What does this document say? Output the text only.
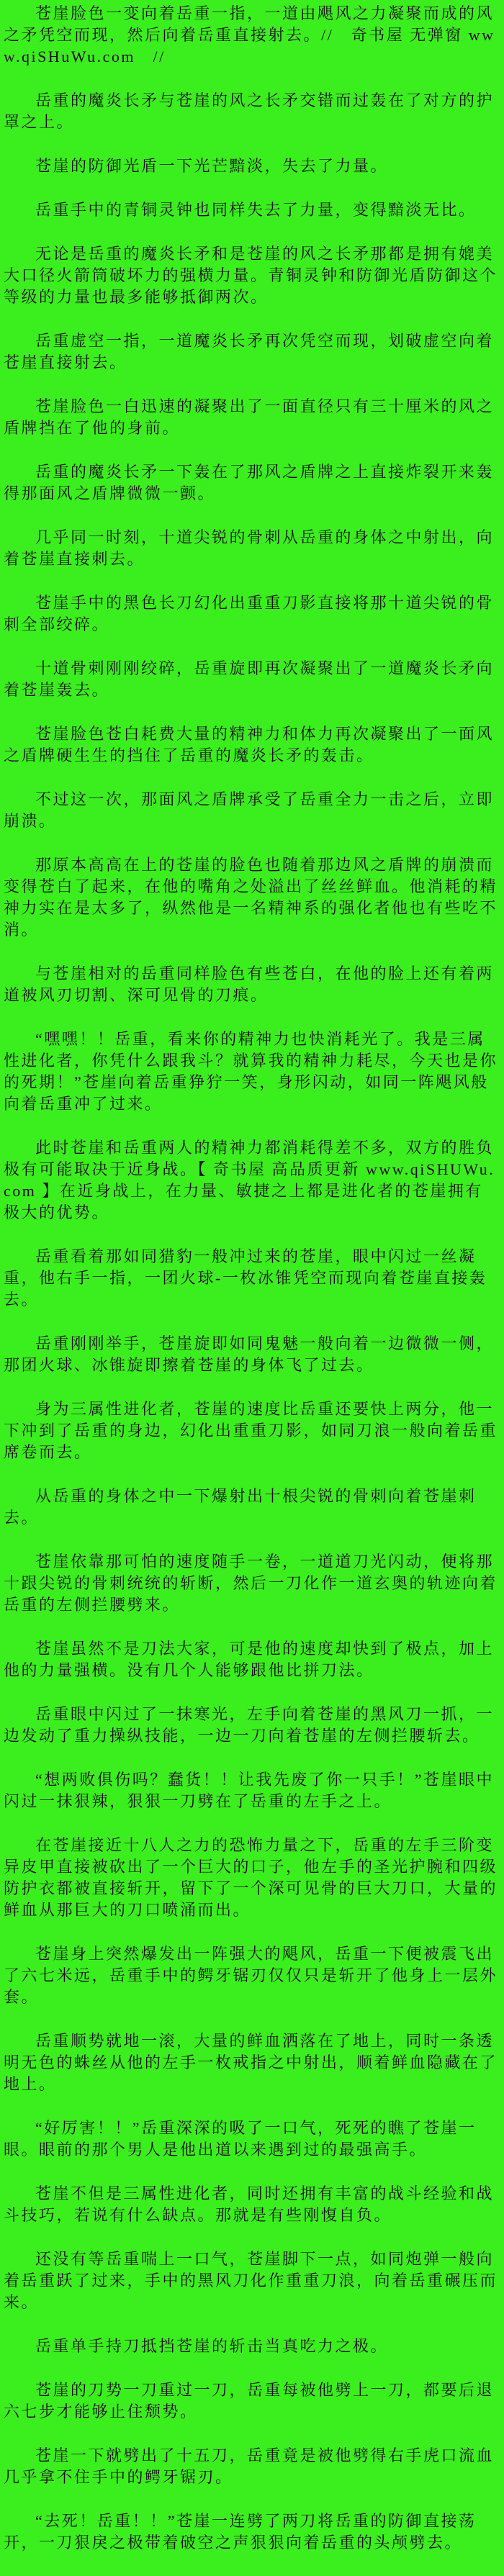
苍崖脸色一变向着岳重一指，一道由飓风之力凝聚而成的风之矛凭空而现，然后向着岳重直接射去。//　奇书屋 无弹窗 www.qiSHuWu.com　//

岳重的魔炎长矛与苍崖的风之长矛交错而过轰在了对方的护罩之上。

苍崖的防御光盾一下光芒黯淡，失去了力量。

岳重手中的青铜灵钟也同样失去了力量，变得黯淡无比。

无论是岳重的魔炎长矛和是苍崖的风之长矛那都是拥有媲美大口径火箭筒破坏力的强横力量。青铜灵钟和防御光盾防御这个等级的力量也最多能够抵御两次。

岳重虚空一指，一道魔炎长矛再次凭空而现，划破虚空向着苍崖直接射去。

苍崖脸色一白迅速的凝聚出了一面直径只有三十厘米的风之盾牌挡在了他的身前。

岳重的魔炎长矛一下轰在了那风之盾牌之上直接炸裂开来轰得那面风之盾牌微微一颤。

几乎同一时刻，十道尖锐的骨刺从岳重的身体之中射出，向着苍崖直接刺去。

苍崖手中的黑色长刀幻化出重重刀影直接将那十道尖锐的骨刺全部绞碎。

十道骨刺刚刚绞碎，岳重旋即再次凝聚出了一道魔炎长矛向着苍崖轰去。

苍崖脸色苍白耗费大量的精神力和体力再次凝聚出了一面风之盾牌硬生生的挡住了岳重的魔炎长矛的轰击。

不过这一次，那面风之盾牌承受了岳重全力一击之后，立即崩溃。

那原本高高在上的苍崖的脸色也随着那边风之盾牌的崩溃而变得苍白了起来，在他的嘴角之处溢出了丝丝鲜血。他消耗的精神力实在是太多了，纵然他是一名精神系的强化者他也有些吃不消。

与苍崖相对的岳重同样脸色有些苍白，在他的脸上还有着两道被风刃切割、深可见骨的刀痕。

“嘿嘿！！岳重，看来你的精神力也快消耗光了。我是三属性进化者，你凭什么跟我斗？就算我的精神力耗尽，今天也是你的死期！”苍崖向着岳重狰狞一笑，身形闪动，如同一阵飓风般向着岳重冲了过来。

此时苍崖和岳重两人的精神力都消耗得差不多，双方的胜负极有可能取决于近身战。【 奇书屋 高品质更新 www.qiSHUWu.com 】在近身战上，在力量、敏捷之上都是进化者的苍崖拥有极大的优势。

岳重看着那如同猎豹一般冲过来的苍崖，眼中闪过一丝凝重，他右手一指，一团火球-一枚冰锥凭空而现向着苍崖直接轰去。

岳重刚刚举手，苍崖旋即如同鬼魅一般向着一边微微一侧，那团火球、冰锥旋即擦着苍崖的身体飞了过去。

身为三属性进化者，苍崖的速度比岳重还要快上两分，他一下冲到了岳重的身边，幻化出重重刀影，如同刀浪一般向着岳重席卷而去。

从岳重的身体之中一下爆射出十根尖锐的骨刺向着苍崖刺去。

苍崖依靠那可怕的速度随手一卷，一道道刀光闪动，便将那十跟尖锐的骨刺统统的斩断，然后一刀化作一道玄奥的轨迹向着岳重的左侧拦腰劈来。

苍崖虽然不是刀法大家，可是他的速度却快到了极点，加上他的力量强横。没有几个人能够跟他比拼刀法。

岳重眼中闪过了一抹寒光，左手向着苍崖的黑风刀一抓，一边发动了重力操纵技能，一边一刀向着苍崖的左侧拦腰斩去。

“想两败俱伤吗？蠢货！！让我先废了你一只手！”苍崖眼中闪过一抹狠辣，狠狠一刀劈在了岳重的左手之上。

在苍崖接近十八人之力的恐怖力量之下，岳重的左手三阶变异皮甲直接被砍出了一个巨大的口子，他左手的圣光护腕和四级防护衣都被直接斩开，留下了一个深可见骨的巨大刀口，大量的鲜血从那巨大的刀口喷涌而出。

苍崖身上突然爆发出一阵强大的飓风，岳重一下便被震飞出了六七米远，岳重手中的鳄牙锯刃仅仅只是斩开了他身上一层外套。

岳重顺势就地一滚，大量的鲜血洒落在了地上，同时一条透明无色的蛛丝从他的左手一枚戒指之中射出，顺着鲜血隐藏在了地上。

“好厉害！！”岳重深深的吸了一口气，死死的瞧了苍崖一眼。眼前的那个男人是他出道以来遇到过的最强高手。

苍崖不但是三属性进化者，同时还拥有丰富的战斗经验和战斗技巧，若说有什么缺点。那就是有些刚愎自负。

还没有等岳重喘上一口气，苍崖脚下一点，如同炮弹一般向着岳重跃了过来，手中的黑风刀化作重重刀浪，向着岳重碾压而来。

岳重单手持刀抵挡苍崖的斩击当真吃力之极。

苍崖的刀势一刀重过一刀，岳重每被他劈上一刀，都要后退六七步才能够止住颓势。

苍崖一下就劈出了十五刀，岳重竟是被他劈得右手虎口流血几乎拿不住手中的鳄牙锯刃。

“去死！岳重！！”苍崖一连劈了两刀将岳重的防御直接荡开，一刀狠戾之极带着破空之声狠狠向着岳重的头颅劈去。
